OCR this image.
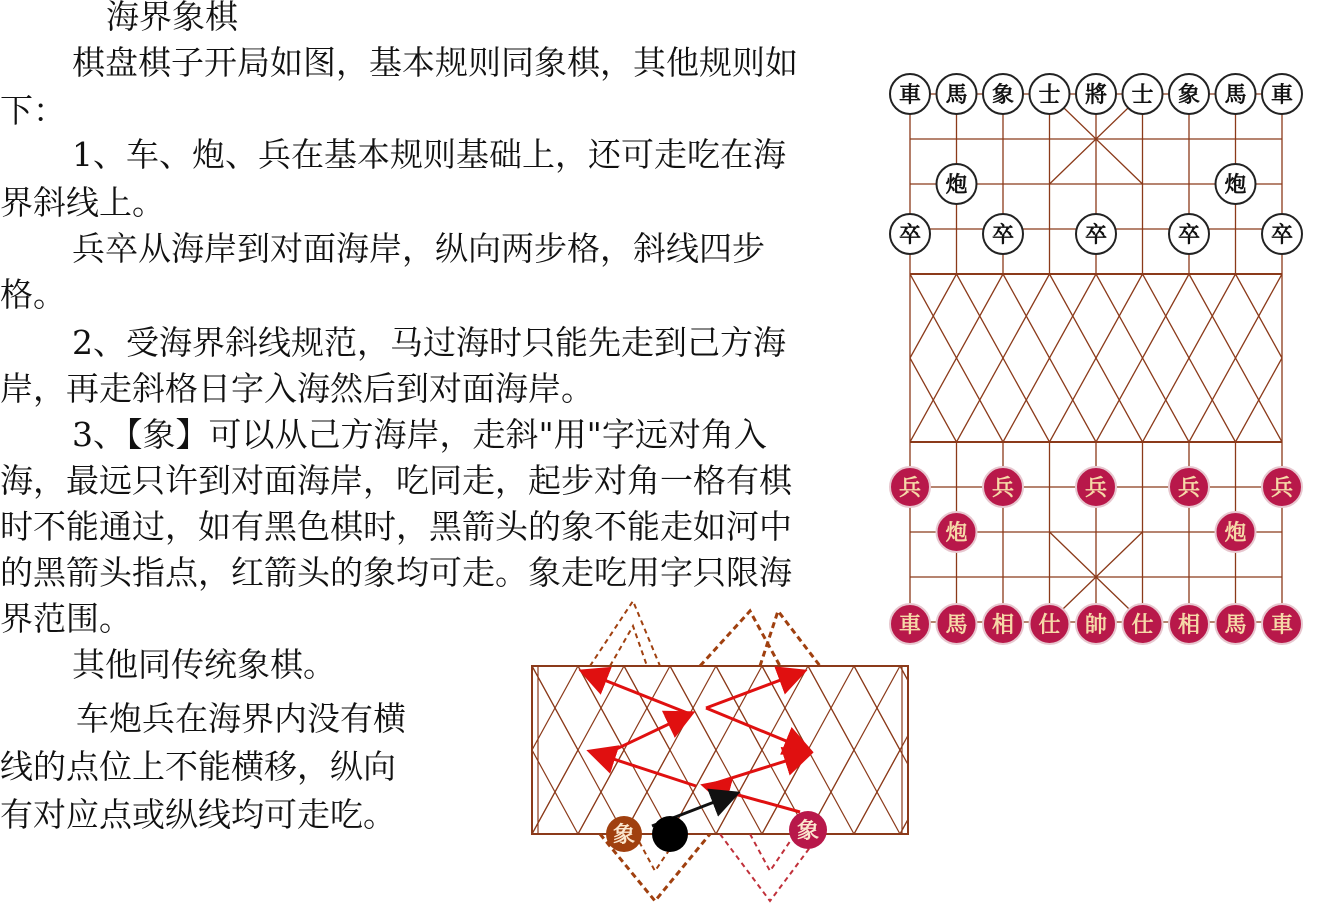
海界象棋
棋盘棋子开局如图，基本规则同象棋，其他规则如
下：
1、车、炮、兵在基本规则基础上，还可走吃在海
界斜线上。
兵卒从海岸到对面海岸，纵向两步格，斜线四步
格。
2、受海界斜线规范，马过海时只能先走到己方海
岸，再走斜格日字入海然后到对面海岸。
3、【象】可以从己方海岸，走斜"用"字远对角入
海，最远只许到对面海岸，吃同走，起步对角一格有棋
时不能通过，如有黑色棋时，黑箭头的象不能走如河中
的黑箭头指点，红箭头的象均可走。象走吃用字只限海
界范围。
其他同传统象棋。
车炮兵在海界内没有横
线的点位上不能横移，纵向
有对应点或纵线均可走吃。
車 馬 象 士 將 士 象 馬 車
炮	炮
卒	卒	卒	卒	卒
兵	兵	兵	兵	兵
炮	炮
車 馬 相 仕 帥 仕 相 馬 車
象	象
